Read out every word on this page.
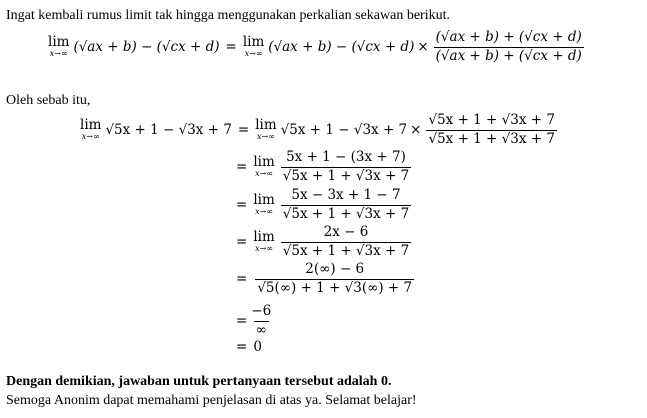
Ingat kembali rumus limit tak hingga menggunakan perkalian sekawan berikut.
lim
x→∞ (√ax + b) − (√cx + d) = lim
x→∞ $(√ax + b) - (√cx + d) \times \frac{(√ax + b) + (√cx + d)}{(√ax + b) + (√cx + d)}$
Oleh sebab itu,
lim
x→∞ √5x + 1 − √3x + 7 = lim
x→∞ $√5x + 1 - √3x + 7 \times \frac{√5x + 1 + √3x + 7}{√5x + 1 + √3x + 7}$
= lim
$x\to\infty \frac{5x + 1 - (3x + 7)}{√5x + 1 + √3x + 7}$
= lim
$x\to\infty \frac{5x - 3x + 1 - 7}{√5x + 1 + √3x + 7}$
= lim
$x\to\infty \frac{2x - 6}{√5x + 1 + √3x + 7}$
= $\frac{2(\infty) - 6}{√5(\infty) + 1 + √3(\infty) + 7}$
= $\frac{-6}{\infty}$
= 0
Dengan demikian, jawaban untuk pertanyaan tersebut adalah 0.
Semoga Anonim dapat memahami penjelasan di atas ya. Selamat belajar!
